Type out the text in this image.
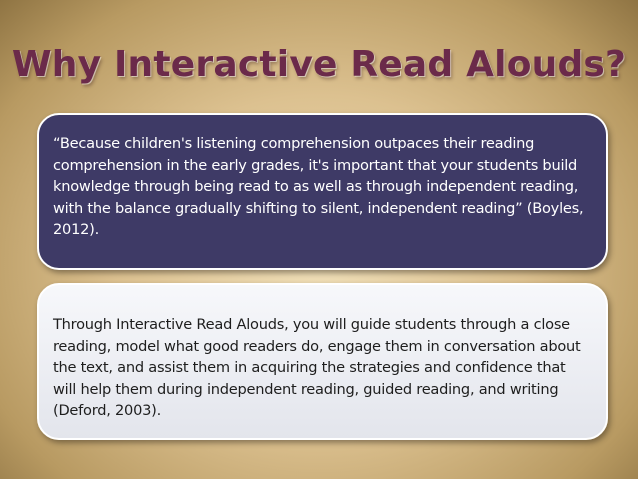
Why Interactive Read Alouds?

“Because children's listening comprehension outpaces their reading comprehension in the early grades, it's important that your students build knowledge through being read to as well as through independent reading, with the balance gradually shifting to silent, independent reading” (Boyles, 2012).

Through Interactive Read Alouds, you will guide students through a close reading, model what good readers do, engage them in conversation about the text, and assist them in acquiring the strategies and confidence that will help them during independent reading, guided reading, and writing (Deford, 2003).
